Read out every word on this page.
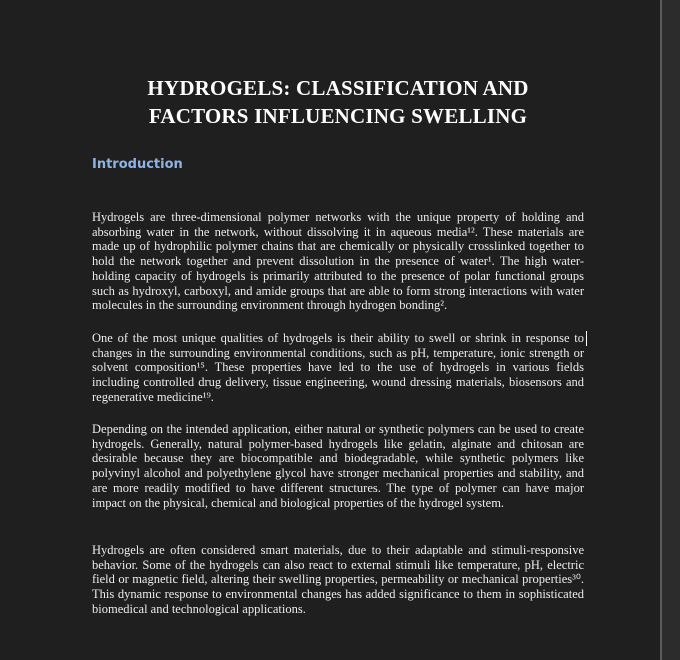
HYDROGELS: CLASSIFICATION AND
FACTORS INFLUENCING SWELLING
Introduction
Hydrogels are three-dimensional polymer networks with the unique property of holding and absorbing water in the network, without dissolving it in aqueous media¹². These materials are made up of hydrophilic polymer chains that are chemically or physically crosslinked together to hold the network together and prevent dissolution in the presence of water¹. The high water-holding capacity of hydrogels is primarily attributed to the presence of polar functional groups such as hydroxyl, carboxyl, and amide groups that are able to form strong interactions with water molecules in the surrounding environment through hydrogen bonding².
One of the most unique qualities of hydrogels is their ability to swell or shrink in response to changes in the surrounding environmental conditions, such as pH, temperature, ionic strength or solvent composition¹⁵. These properties have led to the use of hydrogels in various fields including controlled drug delivery, tissue engineering, wound dressing materials, biosensors and regenerative medicine¹⁹.
Depending on the intended application, either natural or synthetic polymers can be used to create hydrogels. Generally, natural polymer-based hydrogels like gelatin, alginate and chitosan are desirable because they are biocompatible and biodegradable, while synthetic polymers like polyvinyl alcohol and polyethylene glycol have stronger mechanical properties and stability, and are more readily modified to have different structures. The type of polymer can have major impact on the physical, chemical and biological properties of the hydrogel system.
Hydrogels are often considered smart materials, due to their adaptable and stimuli-responsive behavior. Some of the hydrogels can also react to external stimuli like temperature, pH, electric field or magnetic field, altering their swelling properties, permeability or mechanical properties³⁰. This dynamic response to environmental changes has added significance to them in sophisticated biomedical and technological applications.
